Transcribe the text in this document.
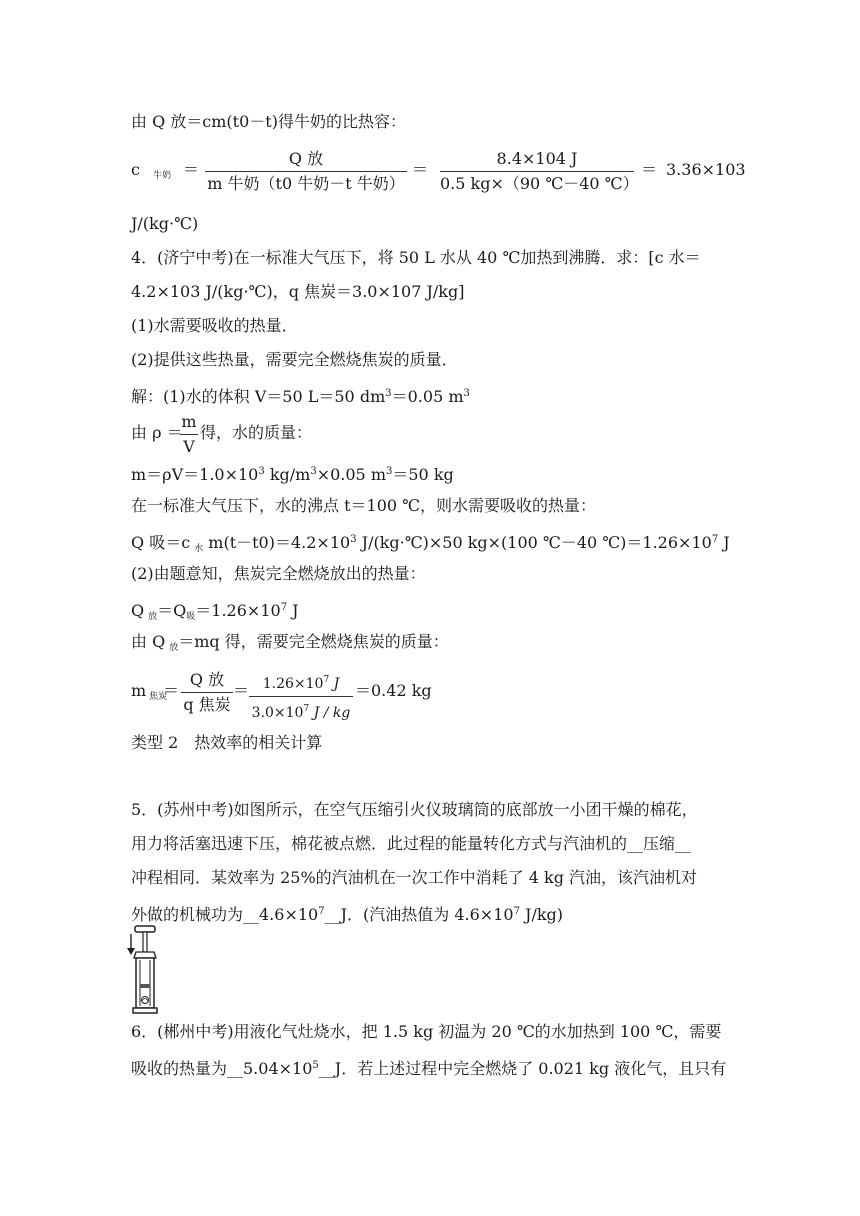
由 Q 放＝cm(t0－t)得牛奶的比热容：
c $_{牛奶}$ ＝
Q 放
m 牛奶（t0 牛奶－t 牛奶）
＝
8.4×104 J
0.5 kg×（90 ℃－40 ℃）
＝ 3.36×103
J/(kg·℃)
4．(济宁中考)在一标准大气压下，将 50 L 水从 40 ℃加热到沸腾．求：[c 水＝
4.2×103 J/(kg·℃)，q 焦炭＝3.0×107 J/kg]
(1)水需要吸收的热量．
(2)提供这些热量，需要完全燃烧焦炭的质量．
解：(1)水的体积 V＝50 L＝50 $dm^3=0.05$ $m^3$
由 ρ ＝
m
V
得，水的质量：
$m=\rho V=1.0\times 10^3$ $kg/m^3\times 0.05$ $m^3=50$ kg
在一标准大气压下，水的沸点 t＝100 ℃，则水需要吸收的热量：
Q 吸＝c $_水$ $m(t-t0)=4.2\times 10^3$ J/(kg·℃)×50 kg×(100 ℃－40 $℃)=1.26\times 10^7$ J
(2)由题意知，焦炭完全燃烧放出的热量：
Q $_放=Q_吸=1.26\times 10^7$ J
由 Q $_放$＝mq 得，需要完全燃烧焦炭的质量：
m $_{焦炭}$
＝
Q 放
q 焦炭
＝ $1.26\times 10^7$ J
$3.0\times 10^7$ J / kg
＝0.42 kg
类型 2　热效率的相关计算
5．(苏州中考)如图所示，在空气压缩引火仪玻璃筒的底部放一小团干燥的棉花，
用力将活塞迅速下压，棉花被点燃．此过程的能量转化方式与汽油机的__压缩__
冲程相同．某效率为 25%的汽油机在一次工作中消耗了 4 kg 汽油，该汽油机对
外做的机械功为$\_\_4.6\times 10^7\_\_J$．(汽油热值为 $4.6\times 10^7$ J/kg)
6．(郴州中考)用液化气灶烧水，把 1.5 kg 初温为 20 ℃的水加热到 100 ℃，需要
吸收的热量为$\_\_5.04\times 10^5\_\_J$．若上述过程中完全燃烧了 0.021 kg 液化气，且只有
